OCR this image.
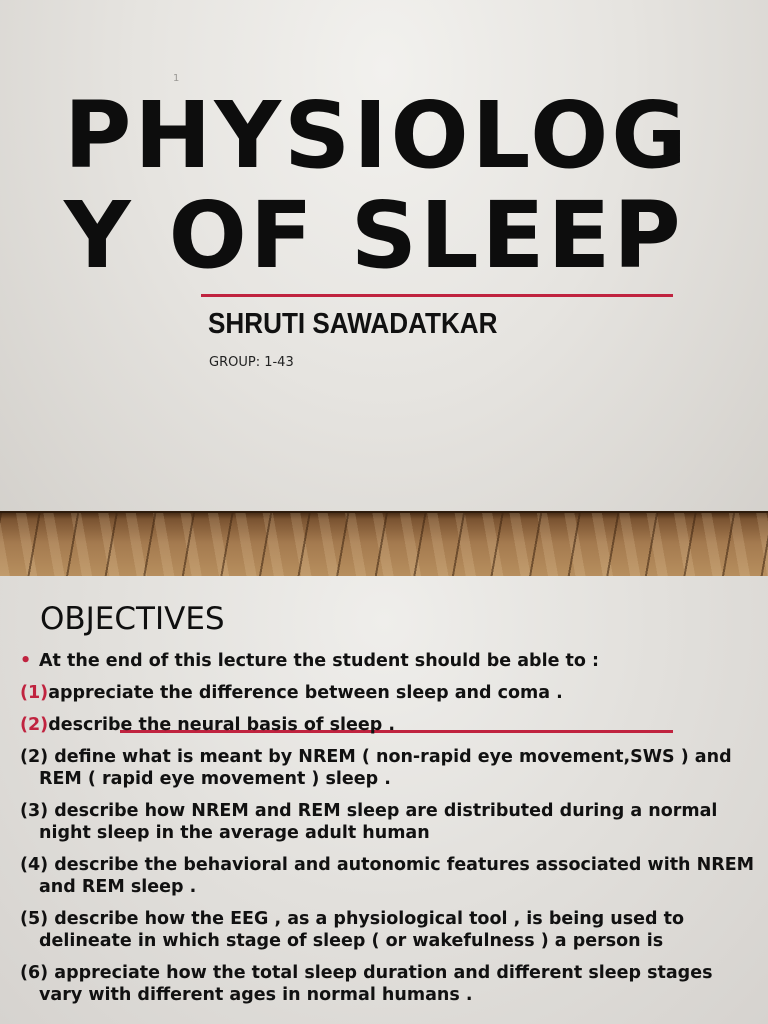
1
PHYSIOLOG
Y OF SLEEP
SHRUTI SAWADATKAR
GROUP: 1-43
OBJECTIVES
• At the end of this lecture the student should be able to :
(1)appreciate the difference between sleep and coma .
(2)describe the neural basis of sleep .
(2) define what is meant by NREM ( non-rapid eye movement,SWS ) and REM ( rapid eye movement ) sleep .
(3) describe how NREM and REM sleep are distributed during a normal night sleep in the average adult human
(4) describe the behavioral and autonomic features associated with NREM and REM sleep .
(5) describe how the EEG , as a physiological tool , is being used to delineate in which stage of sleep ( or wakefulness ) a person is
(6) appreciate how the total sleep duration and different sleep stages vary with different ages in normal humans .
